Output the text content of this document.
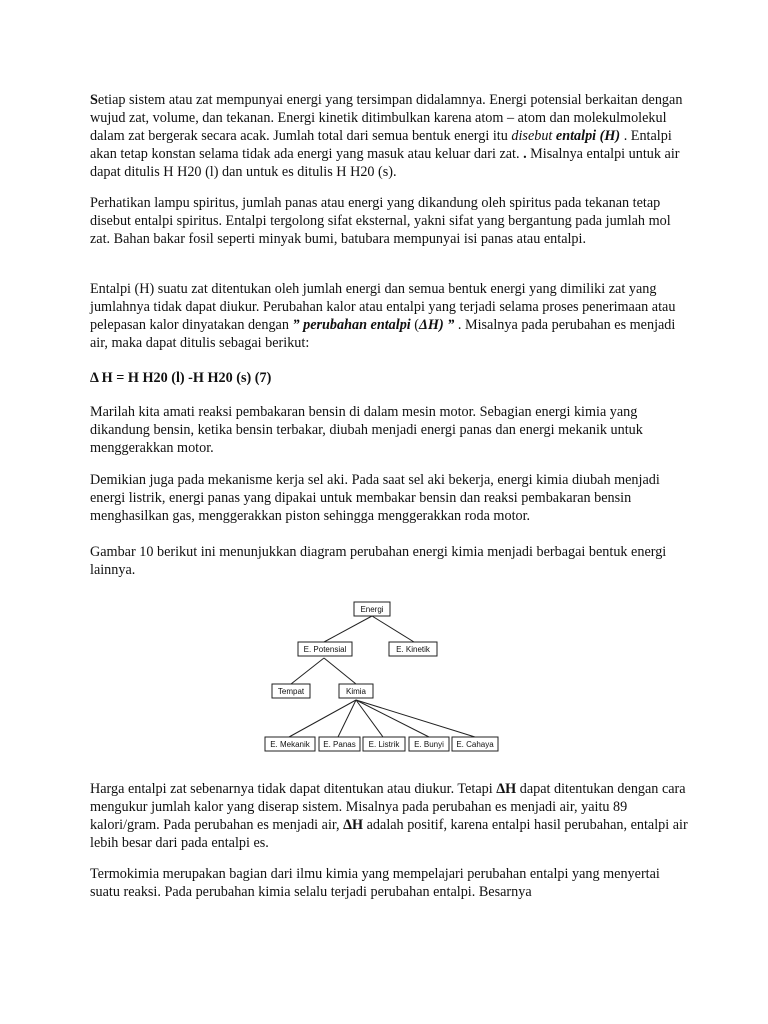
Setiap sistem atau zat mempunyai energi yang tersimpan didalamnya. Energi potensial berkaitan dengan wujud zat, volume, dan tekanan. Energi kinetik ditimbulkan karena atom – atom dan molekulmolekul dalam zat bergerak secara acak. Jumlah total dari semua bentuk energi itu disebut entalpi (H) . Entalpi akan tetap konstan selama tidak ada energi yang masuk atau keluar dari zat. . Misalnya entalpi untuk air dapat ditulis H H20 (l) dan untuk es ditulis H H20 (s).

Perhatikan lampu spiritus, jumlah panas atau energi yang dikandung oleh spiritus pada tekanan tetap disebut entalpi spiritus. Entalpi tergolong sifat eksternal, yakni sifat yang bergantung pada jumlah mol zat. Bahan bakar fosil seperti minyak bumi, batubara mempunyai isi panas atau entalpi.

Entalpi (H) suatu zat ditentukan oleh jumlah energi dan semua bentuk energi yang dimiliki zat yang jumlahnya tidak dapat diukur. Perubahan kalor atau entalpi yang terjadi selama proses penerimaan atau pelepasan kalor dinyatakan dengan ” perubahan entalpi (ΔH) ” . Misalnya pada perubahan es menjadi air, maka dapat ditulis sebagai berikut:

Δ H = H H20 (l) -H H20 (s) (7)

Marilah kita amati reaksi pembakaran bensin di dalam mesin motor. Sebagian energi kimia yang dikandung bensin, ketika bensin terbakar, diubah menjadi energi panas dan energi mekanik untuk menggerakkan motor.

Demikian juga pada mekanisme kerja sel aki. Pada saat sel aki bekerja, energi kimia diubah menjadi energi listrik, energi panas yang dipakai untuk membakar bensin dan reaksi pembakaran bensin menghasilkan gas, menggerakkan piston sehingga menggerakkan roda motor.

Gambar 10 berikut ini menunjukkan diagram perubahan energi kimia menjadi berbagai bentuk energi lainnya.

Energi
E. Potensial	E. Kinetik
Tempat	Kimia
E. Mekanik E. Panas E. Listrik E. Bunyi E. Cahaya

Harga entalpi zat sebenarnya tidak dapat ditentukan atau diukur. Tetapi ΔH dapat ditentukan dengan cara mengukur jumlah kalor yang diserap sistem. Misalnya pada perubahan es menjadi air, yaitu 89 kalori/gram. Pada perubahan es menjadi air, ΔH adalah positif, karena entalpi hasil perubahan, entalpi air lebih besar dari pada entalpi es.

Termokimia merupakan bagian dari ilmu kimia yang mempelajari perubahan entalpi yang menyertai suatu reaksi. Pada perubahan kimia selalu terjadi perubahan entalpi. Besarnya
